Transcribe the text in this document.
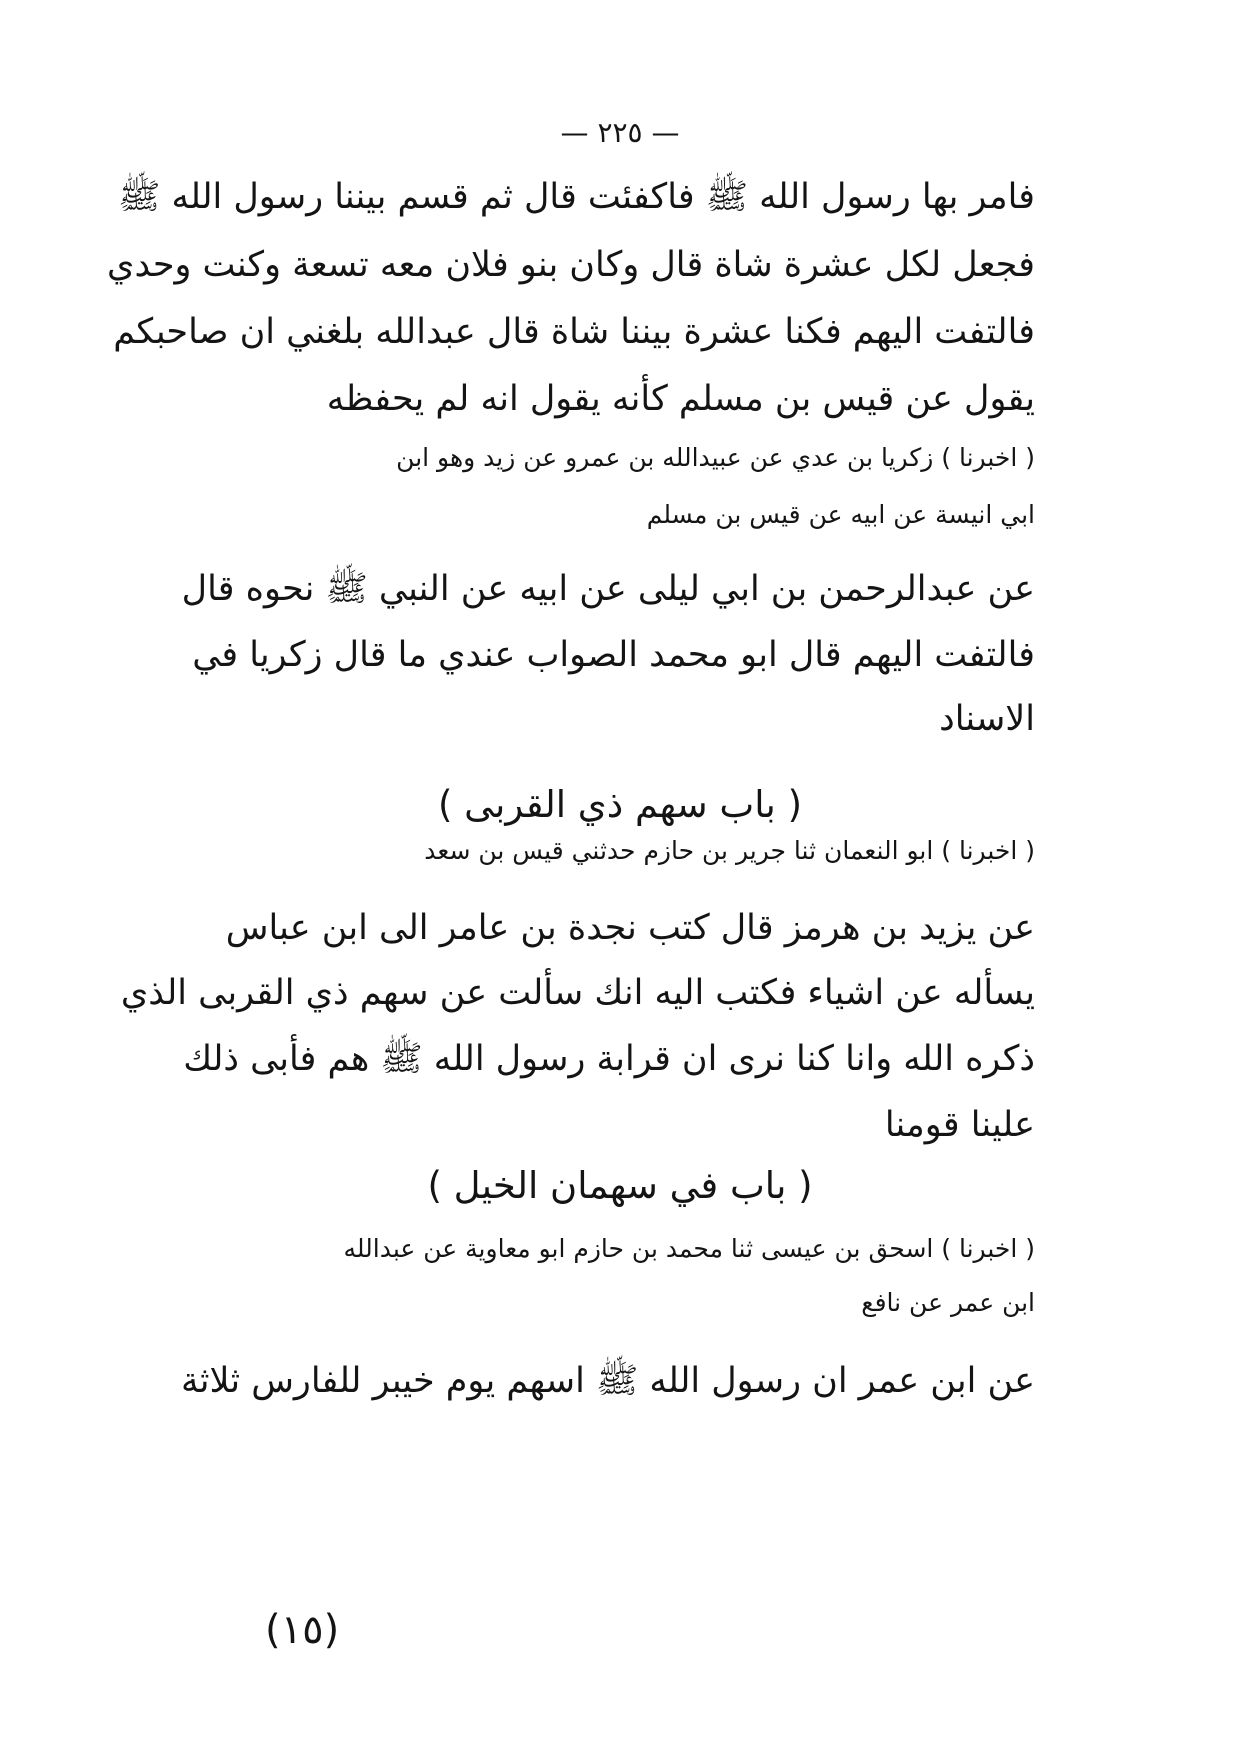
— ٢٢٥ —

فامر بها رسول الله ﷺ فاكفئت قال ثم قسم بيننا رسول الله ﷺ

فجعل لكل عشرة شاة قال وكان بنو فلان معه تسعة وكنت وحدي

فالتفت اليهم فكنا عشرة بيننا شاة قال عبدالله بلغني ان صاحبكم

يقول عن قيس بن مسلم كأنه يقول انه لم يحفظه

( اخبرنا ) زكريا بن عدي عن عبيدالله بن عمرو عن زيد وهو ابن

ابي انيسة عن ابيه عن قيس بن مسلم

عن عبدالرحمن بن ابي ليلى عن ابيه عن النبي ﷺ نحوه قال

فالتفت اليهم قال ابو محمد الصواب عندي ما قال زكريا في

الاسناد

( باب سهم ذي القربى )

( اخبرنا ) ابو النعمان ثنا جرير بن حازم حدثني قيس بن سعد

عن يزيد بن هرمز قال كتب نجدة بن عامر الى ابن عباس

يسأله عن اشياء فكتب اليه انك سألت عن سهم ذي القربى الذي

ذكره الله وانا كنا نرى ان قرابة رسول الله ﷺ هم فأبى ذلك

علينا قومنا

( باب في سهمان الخيل )

( اخبرنا ) اسحق بن عيسى ثنا محمد بن حازم ابو معاوية عن عبدالله

ابن عمر عن نافع

عن ابن عمر ان رسول الله ﷺ اسهم يوم خيبر للفارس ثلاثة

(١٥)
